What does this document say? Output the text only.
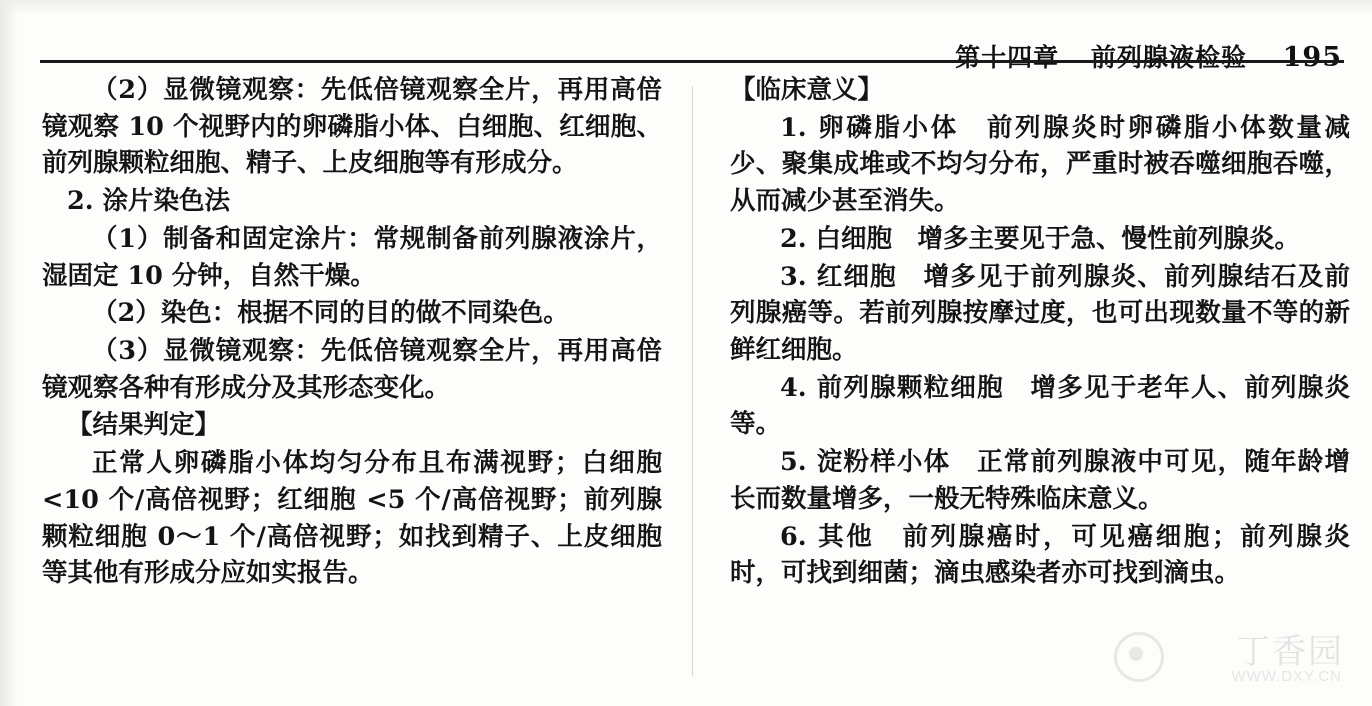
第十四章 前列腺液检验 195

（2）显微镜观察：先低倍镜观察全片，再用高倍镜观察 10 个视野内的卵磷脂小体、白细胞、红细胞、前列腺颗粒细胞、精子、上皮细胞等有形成分。

2. 涂片染色法

（1）制备和固定涂片：常规制备前列腺液涂片，湿固定 10 分钟，自然干燥。

（2）染色：根据不同的目的做不同染色。

（3）显微镜观察：先低倍镜观察全片，再用高倍镜观察各种有形成分及其形态变化。

【结果判定】

正常人卵磷脂小体均匀分布且布满视野；白细胞 <10 个/高倍视野；红细胞 <5 个/高倍视野；前列腺颗粒细胞 0～1 个/高倍视野；如找到精子、上皮细胞等其他有形成分应如实报告。

【临床意义】

1. 卵磷脂小体　前列腺炎时卵磷脂小体数量减少、聚集成堆或不均匀分布，严重时被吞噬细胞吞噬，从而减少甚至消失。

2. 白细胞　增多主要见于急、慢性前列腺炎。

3. 红细胞　增多见于前列腺炎、前列腺结石及前列腺癌等。若前列腺按摩过度，也可出现数量不等的新鲜红细胞。

4. 前列腺颗粒细胞　增多见于老年人、前列腺炎等。

5. 淀粉样小体　正常前列腺液中可见，随年龄增长而数量增多，一般无特殊临床意义。

6. 其他　前列腺癌时，可见癌细胞；前列腺炎时，可找到细菌；滴虫感染者亦可找到滴虫。

丁香园
WWW.DXY.CN
